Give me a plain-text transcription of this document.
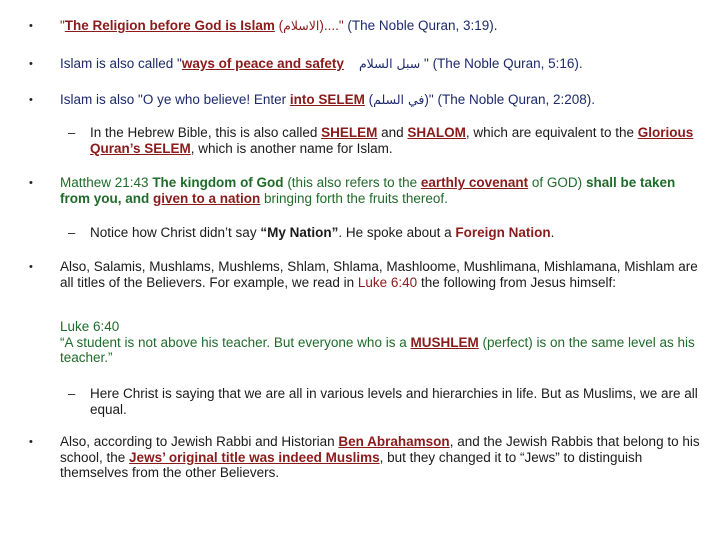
• "The Religion before God is Islam (الاسلام)...." (The Noble Quran, 3:19).
• Islam is also called "ways of peace and safety سبل السلام " (The Noble Quran, 5:16).
• Islam is also "O ye who believe! Enter into SELEM (في السلم)" (The Noble Quran, 2:208).
– In the Hebrew Bible, this is also called SHELEM and SHALOM, which are equivalent to the Glorious Quran’s SELEM, which is another name for Islam.
• Matthew 21:43 The kingdom of God (this also refers to the earthly covenant of GOD) shall be taken from you, and given to a nation bringing forth the fruits thereof.
– Notice how Christ didn’t say “My Nation”. He spoke about a Foreign Nation.
• Also, Salamis, Mushlams, Mushlems, Shlam, Shlama, Mashloome, Mushlimana, Mishlamana, Mishlam are all titles of the Believers. For example, we read in Luke 6:40 the following from Jesus himself:
Luke 6:40
“A student is not above his teacher. But everyone who is a MUSHLEM (perfect) is on the same level as his teacher.”
– Here Christ is saying that we are all in various levels and hierarchies in life. But as Muslims, we are all equal.
• Also, according to Jewish Rabbi and Historian Ben Abrahamson, and the Jewish Rabbis that belong to his school, the Jews’ original title was indeed Muslims, but they changed it to “Jews” to distinguish themselves from the other Believers.
